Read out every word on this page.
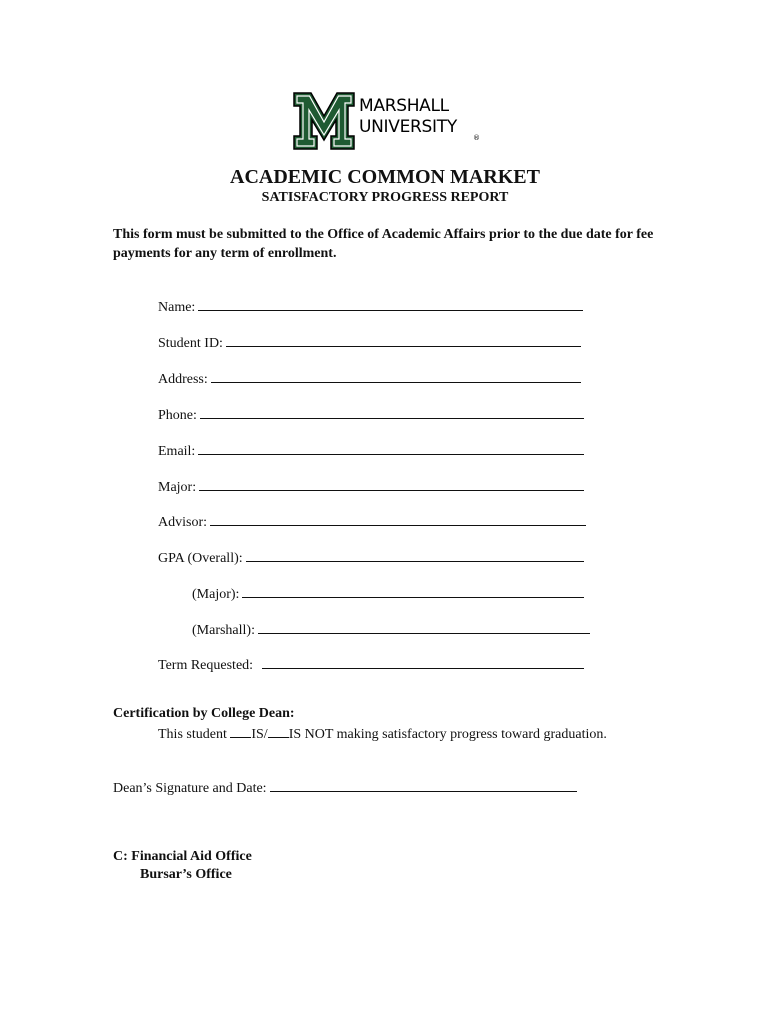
MARSHALL
UNIVERSITY
®
ACADEMIC COMMON MARKET
SATISFACTORY PROGRESS REPORT
This form must be submitted to the Office of Academic Affairs prior to the due date for fee payments for any term of enrollment.
Name:
Student ID:
Address:
Phone:
Email:
Major:
Advisor:
GPA (Overall):
(Major):
(Marshall):
Term Requested:
Certification by College Dean:
This student IS/ IS NOT making satisfactory progress toward graduation.
Dean’s Signature and Date:
C: Financial Aid Office
Bursar’s Office
